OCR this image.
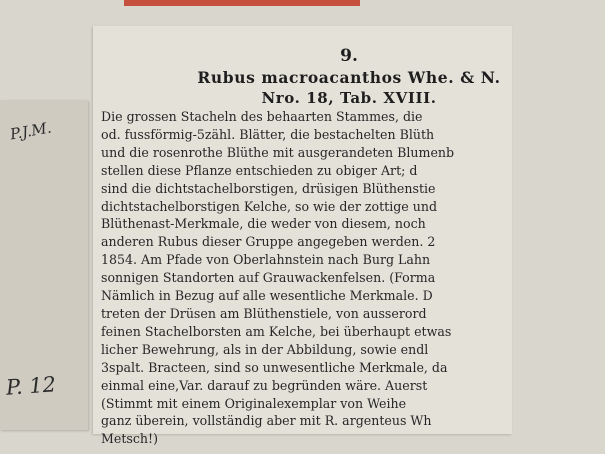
P.J.M.
P. 12
9.
Rubus macroacanthos Whe. & N.
Nro. 18, Tab. XVIII.
Die grossen Stacheln des behaarten Stammes, die
od. fussförmig-5zähl. Blätter, die bestachelten Blüth
und die rosenrothe Blüthe mit ausgerandeten Blumenb
stellen diese Pflanze entschieden zu obiger Art; d
sind die dichtstachelborstigen, drüsigen Blüthenstie
dichtstachelborstigen Kelche, so wie der zottige und
Blüthenast-Merkmale, die weder von diesem, noch
anderen Rubus dieser Gruppe angegeben werden. 2
1854. Am Pfade von Oberlahnstein nach Burg Lahn
sonnigen Standorten auf Grauwackenfelsen. (Forma
Nämlich in Bezug auf alle wesentliche Merkmale. D
treten der Drüsen am Blüthenstiele, von ausserord
feinen Stachelborsten am Kelche, bei überhaupt etwas
licher Bewehrung, als in der Abbildung, sowie endl
3spalt. Bracteen, sind so unwesentliche Merkmale, da
einmal eine,Var. darauf zu begründen wäre. Auerst
(Stimmt mit einem Originalexemplar von Weihe
ganz überein, vollständig aber mit R. argenteus Wh
Metsch!)
